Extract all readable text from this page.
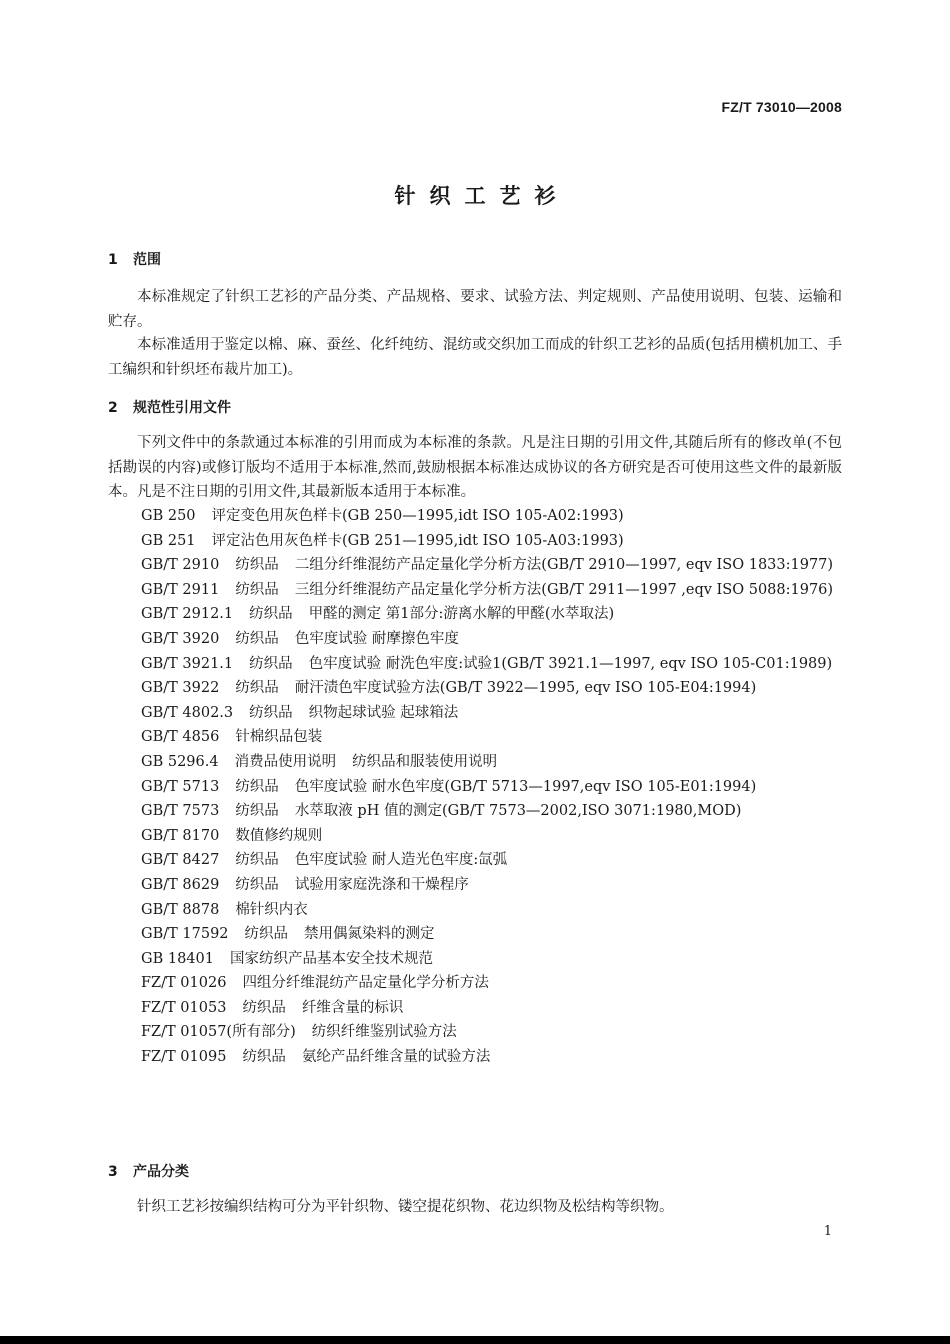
FZ/T 73010—2008
针织工艺衫
1 范围

本标准规定了针织工艺衫的产品分类、产品规格、要求、试验方法、判定规则、产品使用说明、包装、运输和贮存。

本标准适用于鉴定以棉、麻、蚕丝、化纤纯纺、混纺或交织加工而成的针织工艺衫的品质(包括用横机加工、手工编织和针织坯布裁片加工)。

2 规范性引用文件

下列文件中的条款通过本标准的引用而成为本标准的条款。凡是注日期的引用文件,其随后所有的修改单(不包括勘误的内容)或修订版均不适用于本标准,然而,鼓励根据本标准达成协议的各方研究是否可使用这些文件的最新版本。凡是不注日期的引用文件,其最新版本适用于本标准。

GB 250 评定变色用灰色样卡(GB 250—1995,idt ISO 105-A02:1993)
GB 251 评定沾色用灰色样卡(GB 251—1995,idt ISO 105-A03:1993)
GB/T 2910 纺织品 二组分纤维混纺产品定量化学分析方法(GB/T 2910—1997, eqv ISO 1833:1977)
GB/T 2911 纺织品 三组分纤维混纺产品定量化学分析方法(GB/T 2911—1997 ,eqv ISO 5088:1976)
GB/T 2912.1 纺织品 甲醛的测定 第1部分:游离水解的甲醛(水萃取法)
GB/T 3920 纺织品 色牢度试验 耐摩擦色牢度
GB/T 3921.1 纺织品 色牢度试验 耐洗色牢度:试验1(GB/T 3921.1—1997, eqv ISO 105-C01:1989)
GB/T 3922 纺织品 耐汗渍色牢度试验方法(GB/T 3922—1995, eqv ISO 105-E04:1994)
GB/T 4802.3 纺织品 织物起球试验 起球箱法
GB/T 4856 针棉织品包装
GB 5296.4 消费品使用说明 纺织品和服装使用说明
GB/T 5713 纺织品 色牢度试验 耐水色牢度(GB/T 5713—1997,eqv ISO 105-E01:1994)
GB/T 7573 纺织品 水萃取液 pH 值的测定(GB/T 7573—2002,ISO 3071:1980,MOD)
GB/T 8170 数值修约规则
GB/T 8427 纺织品 色牢度试验 耐人造光色牢度:氙弧
GB/T 8629 纺织品 试验用家庭洗涤和干燥程序
GB/T 8878 棉针织内衣
GB/T 17592 纺织品 禁用偶氮染料的测定
GB 18401 国家纺织产品基本安全技术规范
FZ/T 01026 四组分纤维混纺产品定量化学分析方法
FZ/T 01053 纺织品 纤维含量的标识
FZ/T 01057(所有部分) 纺织纤维鉴别试验方法
FZ/T 01095 纺织品 氨纶产品纤维含量的试验方法
3 产品分类

针织工艺衫按编织结构可分为平针织物、镂空提花织物、花边织物及松结构等织物。

1
